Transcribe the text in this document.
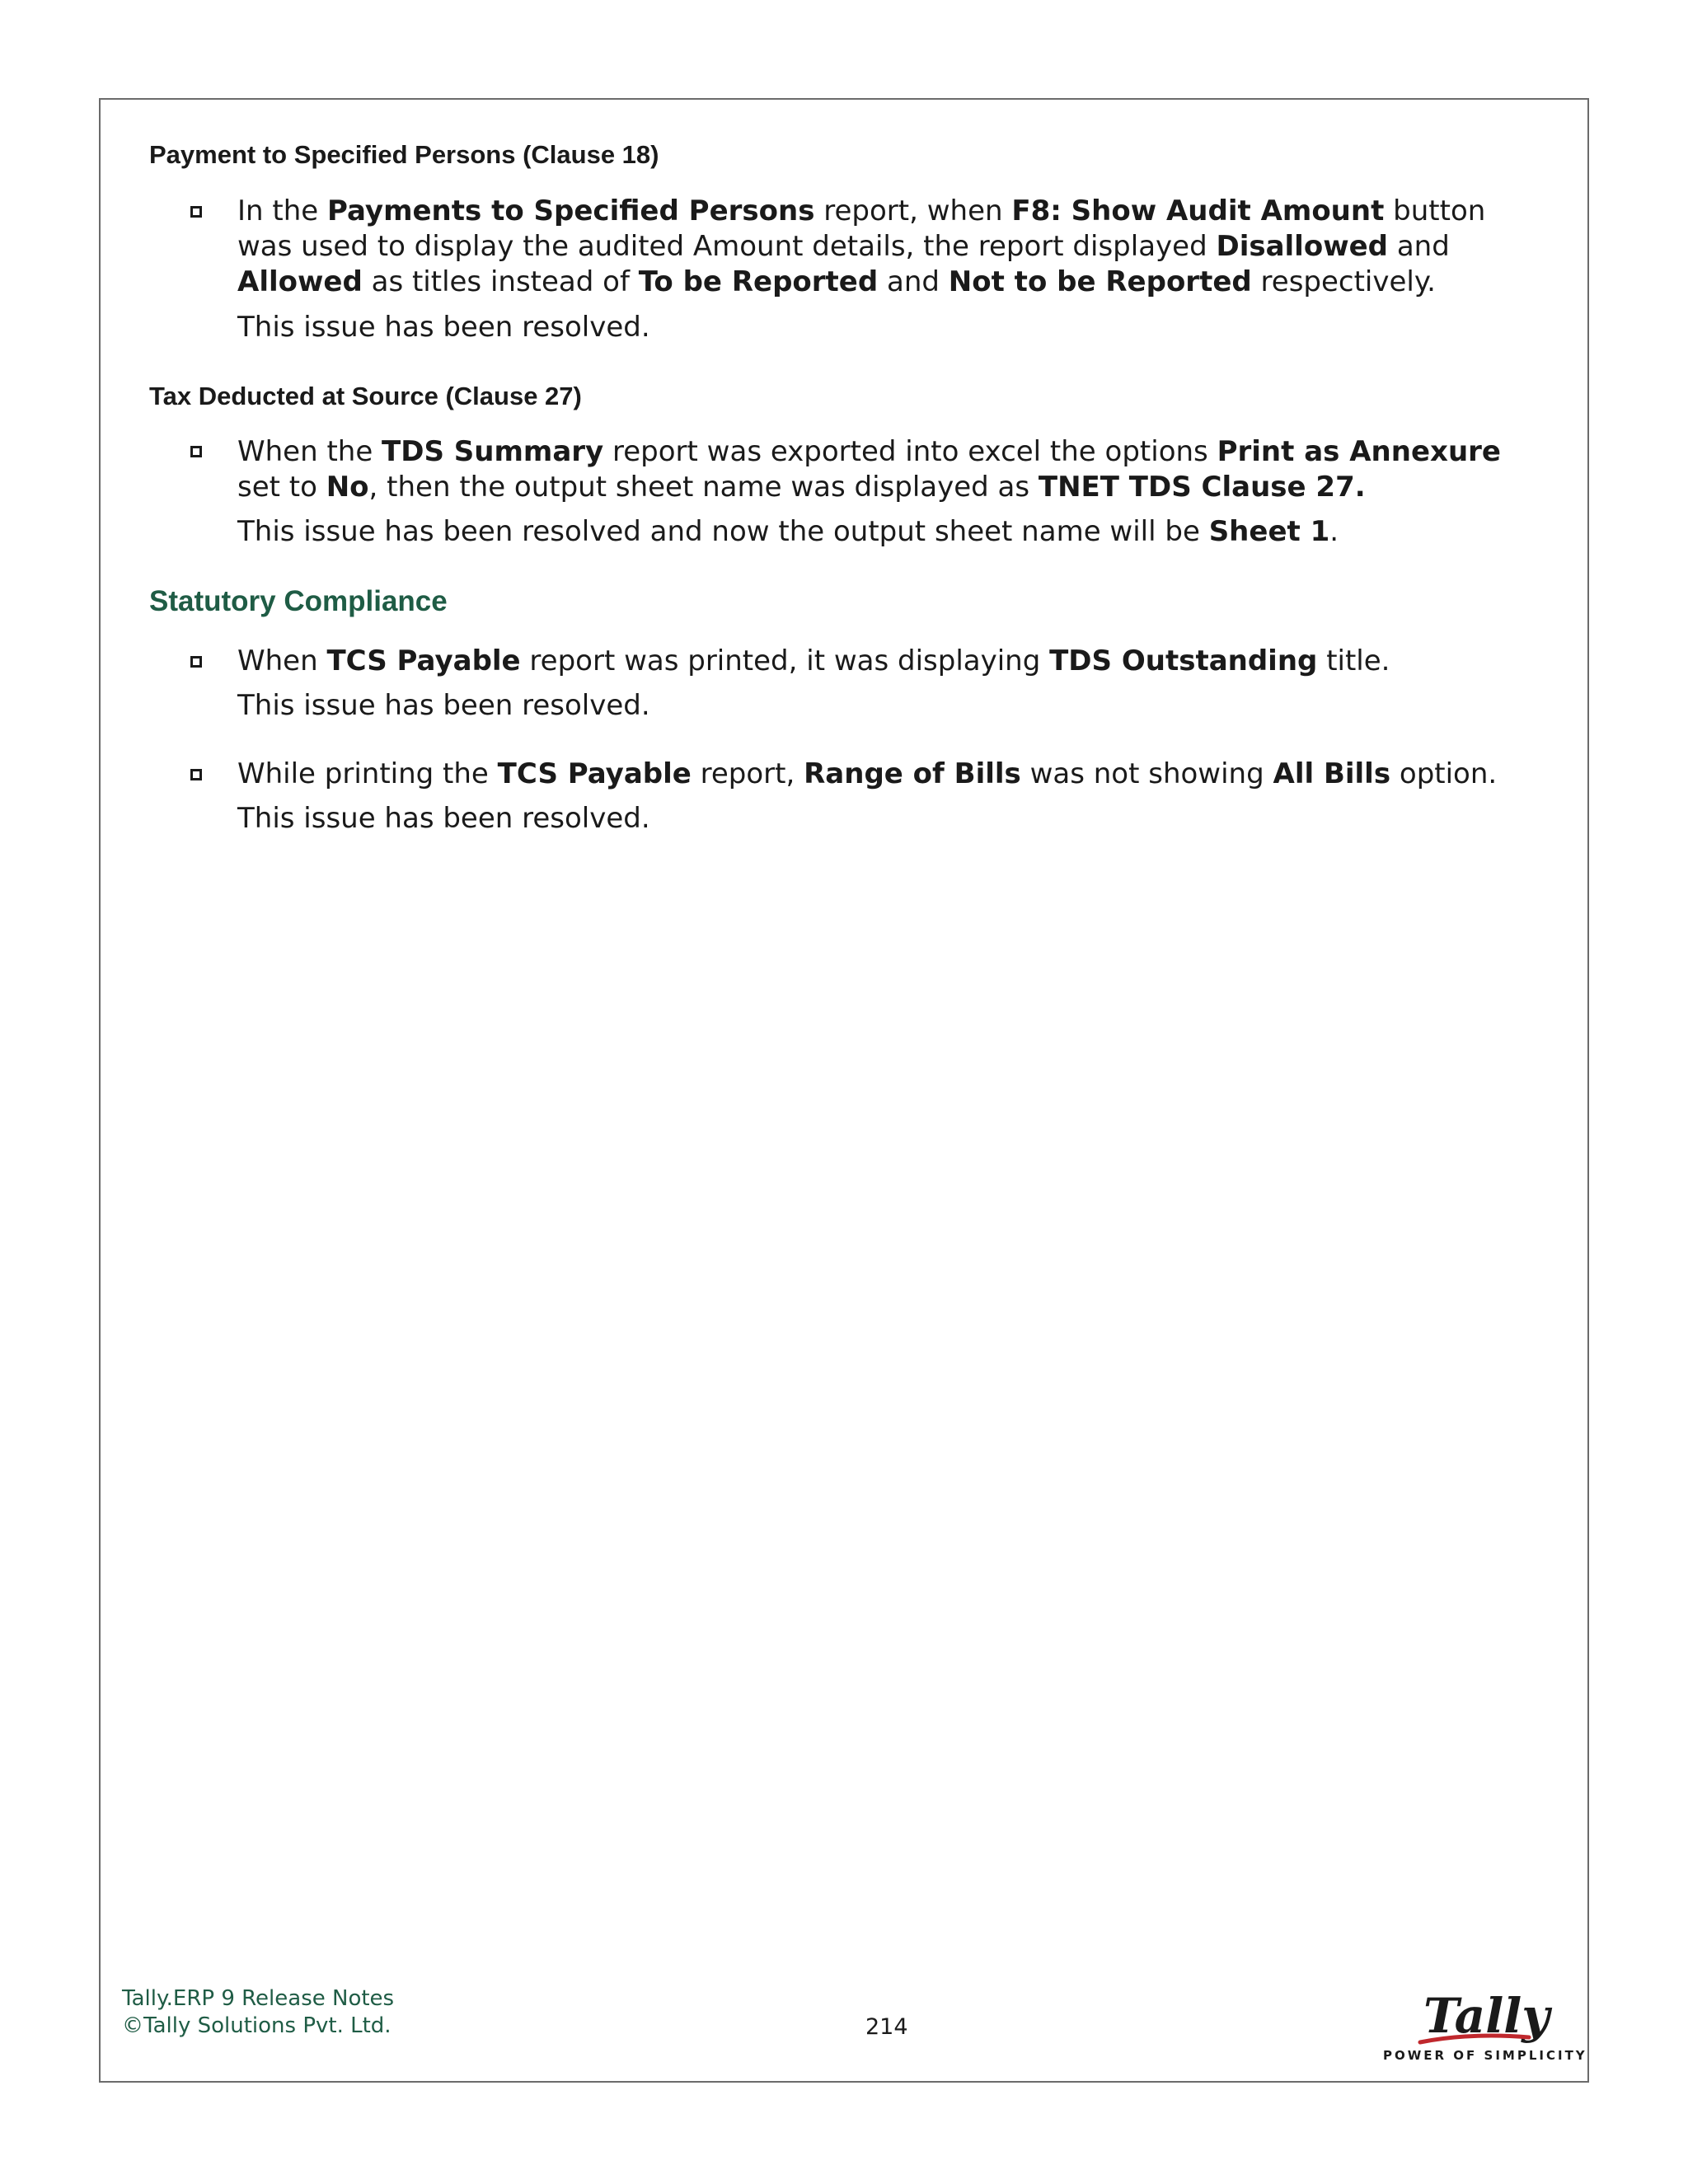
Payment to Specified Persons (Clause 18)

In the Payments to Specified Persons report, when F8: Show Audit Amount button was used to display the audited Amount details, the report displayed Disallowed and Allowed as titles instead of To be Reported and Not to be Reported respectively.

This issue has been resolved.

Tax Deducted at Source (Clause 27)

When the TDS Summary report was exported into excel the options Print as Annexure set to No, then the output sheet name was displayed as TNET TDS Clause 27.

This issue has been resolved and now the output sheet name will be Sheet 1.

Statutory Compliance

When TCS Payable report was printed, it was displaying TDS Outstanding title.

This issue has been resolved.

While printing the TCS Payable report, Range of Bills was not showing All Bills option.

This issue has been resolved.

Tally.ERP 9 Release Notes
©Tally Solutions Pvt. Ltd.	214	Tally
POWER OF SIMPLICITY
